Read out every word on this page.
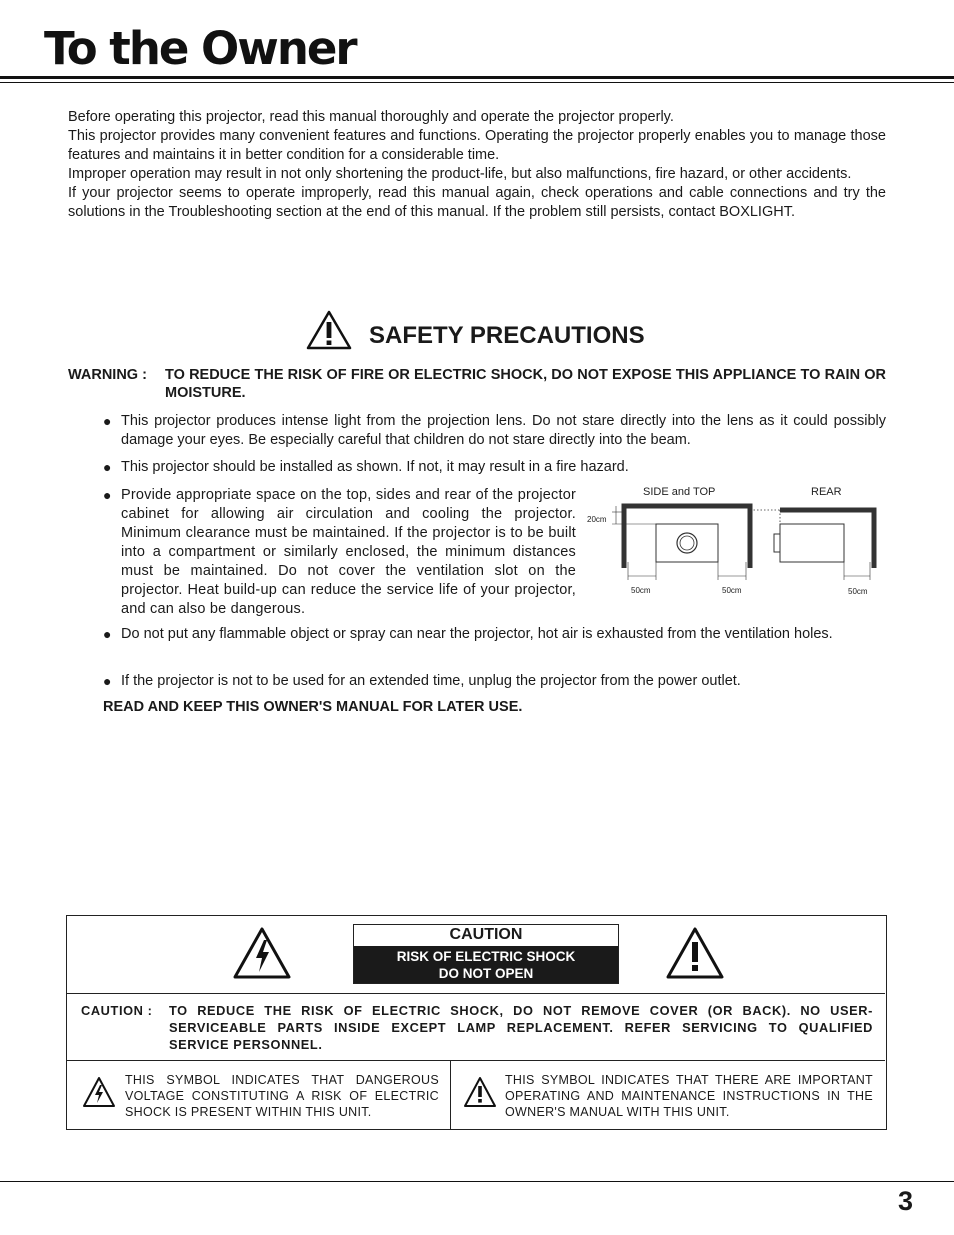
To the Owner

Before operating this projector, read this manual thoroughly and operate the projector properly.

This projector provides many convenient features and functions. Operating the projector properly enables you to manage those features and maintains it in better condition for a considerable time.

Improper operation may result in not only shortening the product-life, but also malfunctions, fire hazard, or other accidents.

If your projector seems to operate improperly, read this manual again, check operations and cable connections and try the solutions in the Troubleshooting section at the end of this manual. If the problem still persists, contact BOXLIGHT.

SAFETY PRECAUTIONS
WARNING : TO REDUCE THE RISK OF FIRE OR ELECTRIC SHOCK, DO NOT EXPOSE THIS APPLIANCE TO RAIN OR MOISTURE.
● This projector produces intense light from the projection lens. Do not stare directly into the lens as it could possibly damage your eyes. Be especially careful that children do not stare directly into the beam.
● This projector should be installed as shown. If not, it may result in a fire hazard.
● Provide appropriate space on the top, sides and rear of the projector cabinet for allowing air circulation and cooling the projector. Minimum clearance must be maintained. If the projector is to be built into a compartment or similarly enclosed, the minimum distances must be maintained. Do not cover the ventilation slot on the projector. Heat build-up can reduce the service life of your projector, and can also be dangerous.
● Do not put any flammable object or spray can near the projector, hot air is exhausted from the ventilation holes.
● If the projector is not to be used for an extended time, unplug the projector from the power outlet.
READ AND KEEP THIS OWNER'S MANUAL FOR LATER USE.
SIDE and TOP	REAR
20cm
50cm	50cm	50cm
CAUTION
RISK OF ELECTRIC SHOCK
DO NOT OPEN
CAUTION : TO REDUCE THE RISK OF ELECTRIC SHOCK, DO NOT REMOVE COVER (OR BACK). NO USER-SERVICEABLE PARTS INSIDE EXCEPT LAMP REPLACEMENT. REFER SERVICING TO QUALIFIED SERVICE PERSONNEL.
THIS SYMBOL INDICATES THAT DANGEROUS VOLTAGE CONSTITUTING A RISK OF ELECTRIC SHOCK IS PRESENT WITHIN THIS UNIT.
THIS SYMBOL INDICATES THAT THERE ARE IMPORTANT OPERATING AND MAINTENANCE INSTRUCTIONS IN THE OWNER'S MANUAL WITH THIS UNIT.
3
